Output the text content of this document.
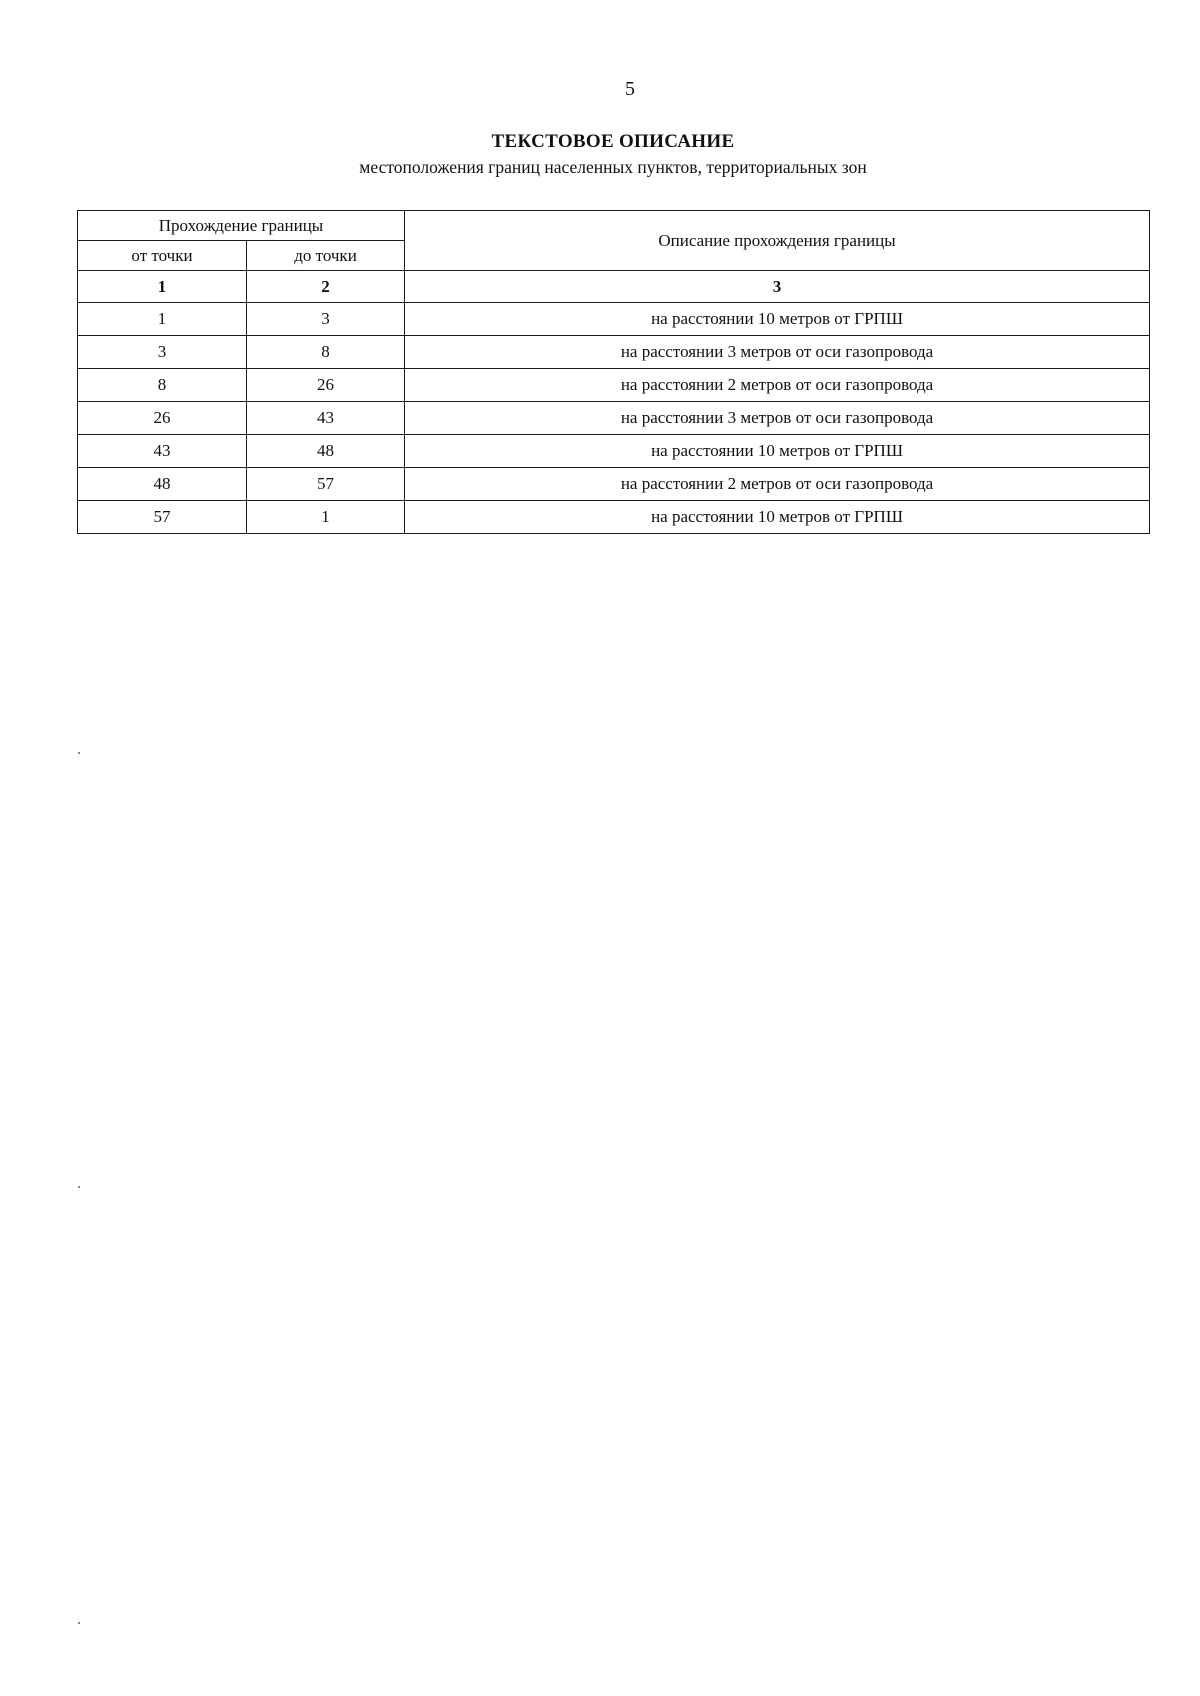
5
ТЕКСТОВОЕ ОПИСАНИЕ
местоположения границ населенных пунктов, территориальных зон
Прохождение границы		Описание прохождения границы
от точки	до точки	
1	2	3
1	3	на расстоянии 10 метров от ГРПШ
3	8	на расстоянии 3 метров от оси газопровода
8	26	на расстоянии 2 метров от оси газопровода
26	43	на расстоянии 3 метров от оси газопровода
43	48	на расстоянии 10 метров от ГРПШ
48	57	на расстоянии 2 метров от оси газопровода
57	1	на расстоянии 10 метров от ГРПШ
